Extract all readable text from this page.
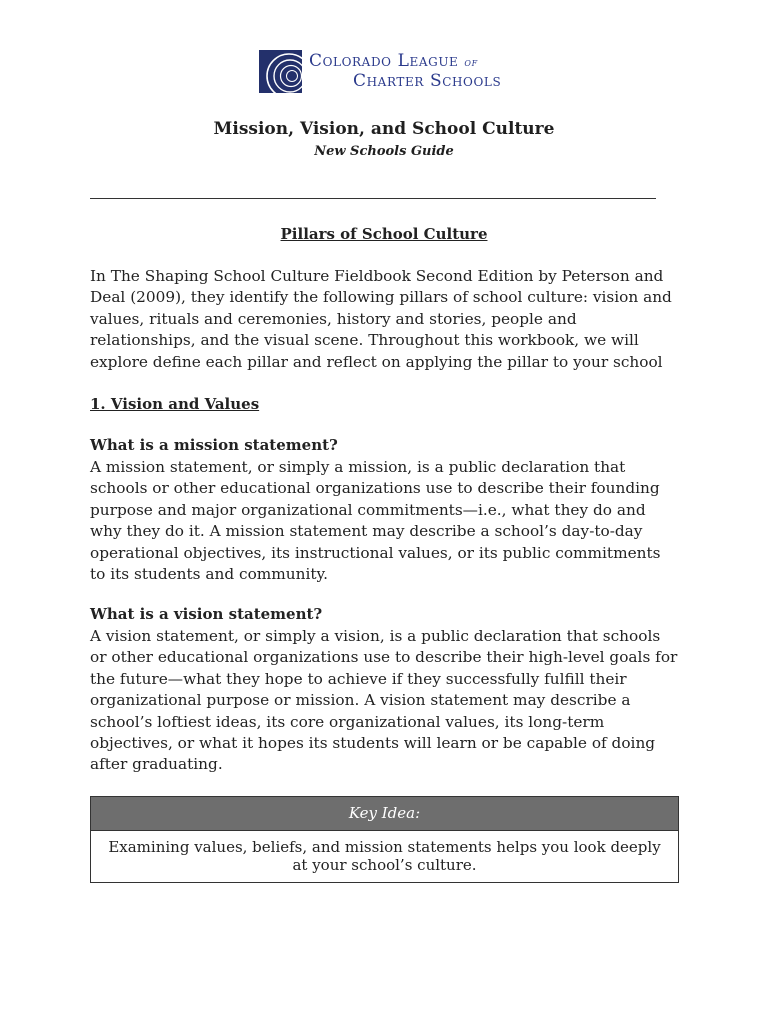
Colorado League of
Charter Schools
Mission, Vision, and School Culture
New Schools Guide
Pillars of School Culture
In The Shaping School Culture Fieldbook Second Edition by Peterson and Deal (2009), they identify the following pillars of school culture: vision and values, rituals and ceremonies, history and stories, people and relationships, and the visual scene. Throughout this workbook, we will explore define each pillar and reflect on applying the pillar to your school
1. Vision and Values
What is a mission statement?
A mission statement, or simply a mission, is a public declaration that schools or other educational organizations use to describe their founding purpose and major organizational commitments—i.e., what they do and why they do it. A mission statement may describe a school’s day-to-day operational objectives, its instructional values, or its public commitments to its students and community.
What is a vision statement?
A vision statement, or simply a vision, is a public declaration that schools or other educational organizations use to describe their high-level goals for the future—what they hope to achieve if they successfully fulfill their organizational purpose or mission. A vision statement may describe a school’s loftiest ideas, its core organizational values, its long-term objectives, or what it hopes its students will learn or be capable of doing after graduating.
Key Idea:
Examining values, beliefs, and mission statements helps you look deeply at your school’s culture.
